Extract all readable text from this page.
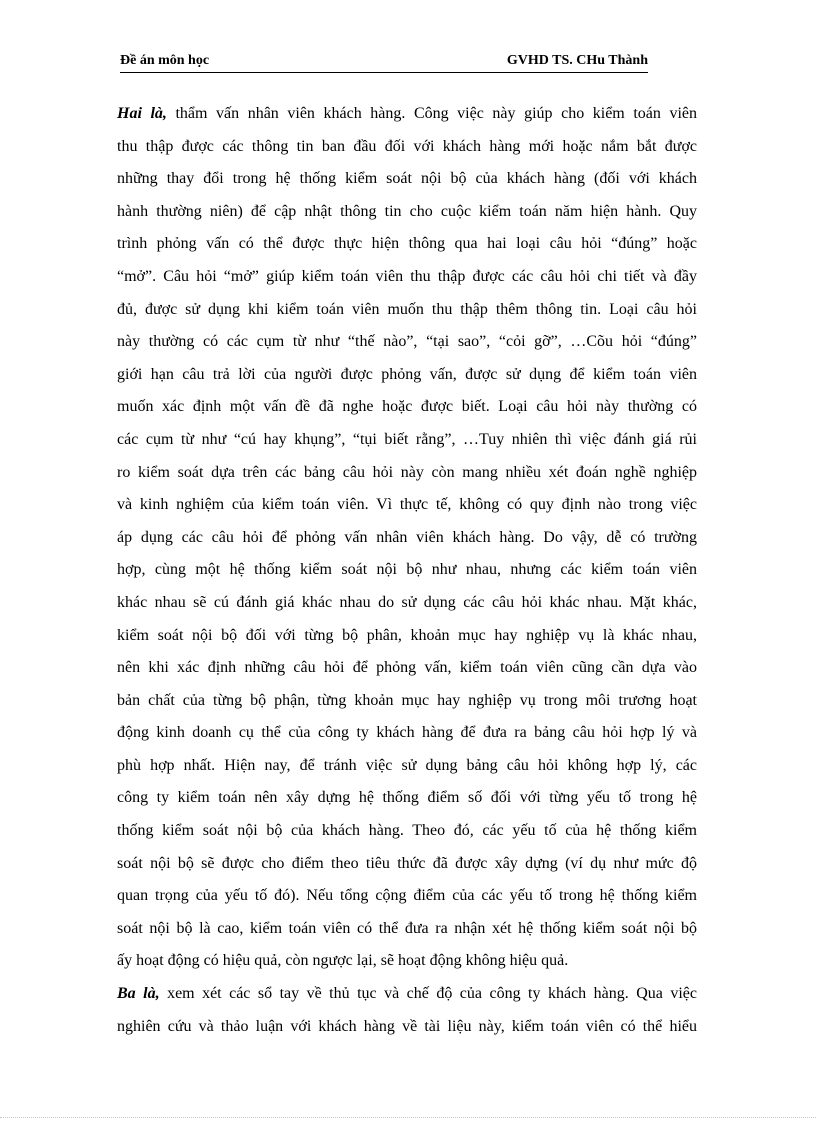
Đề án môn học	GVHD TS. CHu Thành
Hai là, thẩm vấn nhân viên khách hàng. Công việc này giúp cho kiểm toán viên
thu thập được các thông tin ban đầu đối với khách hàng mới hoặc nắm bắt được
những thay đổi trong hệ thống kiểm soát nội bộ của khách hàng (đối với khách
hành thường niên) để cập nhật thông tin cho cuộc kiểm toán năm hiện hành. Quy
trình phỏng vấn có thể được thực hiện thông qua hai loại câu hỏi “đúng” hoặc
“mở”. Câu hỏi “mở” giúp kiểm toán viên thu thập được các câu hỏi chi tiết và đầy
đủ, được sử dụng khi kiểm toán viên muốn thu thập thêm thông tin. Loại câu hỏi
này thường có các cụm từ như “thế nào”, “tại sao”, “cỏi gỡ”, …Cõu hỏi “đúng”
giới hạn câu trả lời của người được phỏng vấn, được sử dụng để kiểm toán viên
muốn xác định một vấn đề đã nghe hoặc được biết. Loại câu hỏi này thường có
các cụm từ như “cú hay khụng”, “tụi biết rằng”, …Tuy nhiên thì việc đánh giá rủi
ro kiểm soát dựa trên các bảng câu hỏi này còn mang nhiều xét đoán nghề nghiệp
và kinh nghiệm của kiểm toán viên. Vì thực tế, không có quy định nào trong việc
áp dụng các câu hỏi để phỏng vấn nhân viên khách hàng. Do vậy, dễ có trường
hợp, cùng một hệ thống kiểm soát nội bộ như nhau, nhưng các kiểm toán viên
khác nhau sẽ cú đánh giá khác nhau do sử dụng các câu hỏi khác nhau. Mặt khác,
kiểm soát nội bộ đối với từng bộ phân, khoản mục hay nghiệp vụ là khác nhau,
nên khi xác định những câu hỏi để phỏng vấn, kiểm toán viên cũng cần dựa vào
bản chất của từng bộ phận, từng khoản mục hay nghiệp vụ trong môi trương hoạt
động kinh doanh cụ thể của công ty khách hàng để đưa ra bảng câu hỏi hợp lý và
phù hợp nhất. Hiện nay, để tránh việc sử dụng bảng câu hỏi không hợp lý, các
công ty kiểm toán nên xây dựng hệ thống điểm số đối với từng yếu tố trong hệ
thống kiểm soát nội bộ của khách hàng. Theo đó, các yếu tố của hệ thống kiểm
soát nội bộ sẽ được cho điểm theo tiêu thức đã được xây dựng (ví dụ như mức độ
quan trọng của yếu tố đó). Nếu tổng cộng điểm của các yếu tố trong hệ thống kiểm
soát nội bộ là cao, kiểm toán viên có thể đưa ra nhận xét hệ thống kiểm soát nội bộ
ấy hoạt động có hiệu quả, còn ngược lại, sẽ hoạt động không hiệu quả.
Ba là, xem xét các sổ tay về thủ tục và chế độ của công ty khách hàng. Qua việc
nghiên cứu và thảo luận với khách hàng về tài liệu này, kiểm toán viên có thể hiểu
